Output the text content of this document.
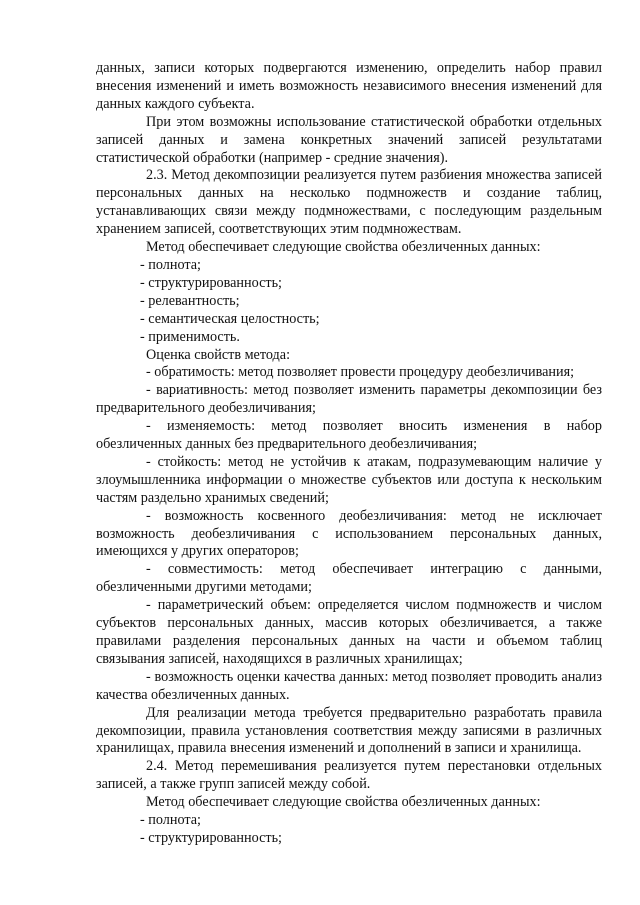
данных, записи которых подвергаются изменению, определить набор правил внесения изменений и иметь возможность независимого внесения изменений для данных каждого субъекта.

При этом возможны использование статистической обработки отдельных записей данных и замена конкретных значений записей результатами статистической обработки (например - средние значения).

2.3. Метод декомпозиции реализуется путем разбиения множества записей персональных данных на несколько подмножеств и создание таблиц, устанавливающих связи между подмножествами, с последующим раздельным хранением записей, соответствующих этим подмножествам.

Метод обеспечивает следующие свойства обезличенных данных:

- полнота;

- структурированность;

- релевантность;

- семантическая целостность;

- применимость.

Оценка свойств метода:

- обратимость: метод позволяет провести процедуру деобезличивания;

- вариативность: метод позволяет изменить параметры декомпозиции без предварительного деобезличивания;

- изменяемость: метод позволяет вносить изменения в набор обезличенных данных без предварительного деобезличивания;

- стойкость: метод не устойчив к атакам, подразумевающим наличие у злоумышленника информации о множестве субъектов или доступа к нескольким частям раздельно хранимых сведений;

- возможность косвенного деобезличивания: метод не исключает возможность деобезличивания с использованием персональных данных, имеющихся у других операторов;

- совместимость: метод обеспечивает интеграцию с данными, обезличенными другими методами;

- параметрический объем: определяется числом подмножеств и числом субъектов персональных данных, массив которых обезличивается, а также правилами разделения персональных данных на части и объемом таблиц связывания записей, находящихся в различных хранилищах;

- возможность оценки качества данных: метод позволяет проводить анализ качества обезличенных данных.

Для реализации метода требуется предварительно разработать правила декомпозиции, правила установления соответствия между записями в различных хранилищах, правила внесения изменений и дополнений в записи и хранилища.

2.4. Метод перемешивания реализуется путем перестановки отдельных записей, а также групп записей между собой.

Метод обеспечивает следующие свойства обезличенных данных:

- полнота;

- структурированность;
